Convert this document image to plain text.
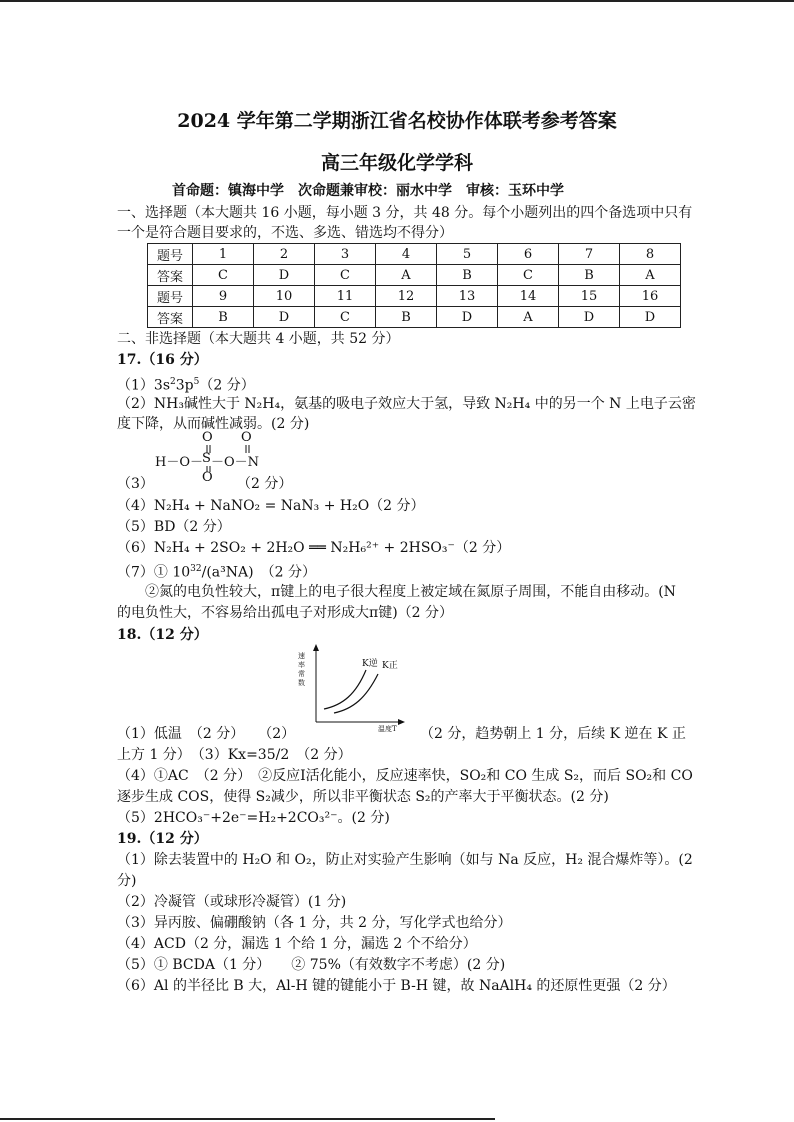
2024 学年第二学期浙江省名校协作体联考参考答案
高三年级化学学科
首命题：镇海中学　次命题兼审校：丽水中学　审核：玉环中学
一、选择题（本大题共 16 小题，每小题 3 分，共 48 分。每个小题列出的四个备选项中只有
一个是符合题目要求的，不选、多选、错选均不得分）
题号	1	2	3	4	5	6	7	8
答案	C	D	C	A	B	C	B	A
题号	9	10	11	12	13	14	15	16
答案	B	D	C	B	D	A	D	D
二、非选择题（本大题共 4 小题，共 52 分）
17.（16 分）
$(1)3s^23p^5(2$ 分）
（2）NH₃碱性大于 N₂H₄，氨基的吸电子效应大于氢，导致 N₂H₄ 中的另一个 N 上电子云密
度下降，从而碱性减弱。(2 分)
O O
H－O－ S －O－N
O
（3）	（2 分）
（4）N₂H₄ + NaNO₂ = NaN₃ + H₂O（2 分）
（5）BD（2 分）
（6）N₂H₄ + 2SO₂ + 2H₂O ══ N₂H₆²⁺ + 2HSO₃⁻（2 分）
（7）① $10^{32}/(a^3NA)$　（2 分）
②氮的电负性较大，π键上的电子很大程度上被定域在氮原子周围，不能自由移动。(N
的电负性大，不容易给出孤电子对形成大π键)（2 分）
18.（12 分）
速率常数
K逆 K正
温度T
（1）低温　（2 分）　　（2）	（2 分，趋势朝上 1 分，后续 K 逆在 K 正
上方 1 分）　（3）Kx=35/2　（2 分）
（4）①AC　（2 分）　②反应I活化能小，反应速率快，SO₂和 CO 生成 S₂，而后 SO₂和 CO
逐步生成 COS，使得 S₂减少，所以非平衡状态 S₂的产率大于平衡状态。(2 分)
（5）2HCO₃⁻+2e⁻=H₂+2CO₃²⁻。(2 分)
19.（12 分）
（1）除去装置中的 H₂O 和 O₂，防止对实验产生影响（如与 Na 反应，H₂ 混合爆炸等）。(2
分)
（2）冷凝管（或球形冷凝管）(1 分)
（3）异丙胺、偏硼酸钠（各 1 分，共 2 分，写化学式也给分）
（4）ACD（2 分，漏选 1 个给 1 分，漏选 2 个不给分）
（5）① BCDA（1 分）　　② 75%（有效数字不考虑）(2 分)
（6）Al 的半径比 B 大，Al-H 键的键能小于 B-H 键，故 NaAlH₄ 的还原性更强（2 分）
